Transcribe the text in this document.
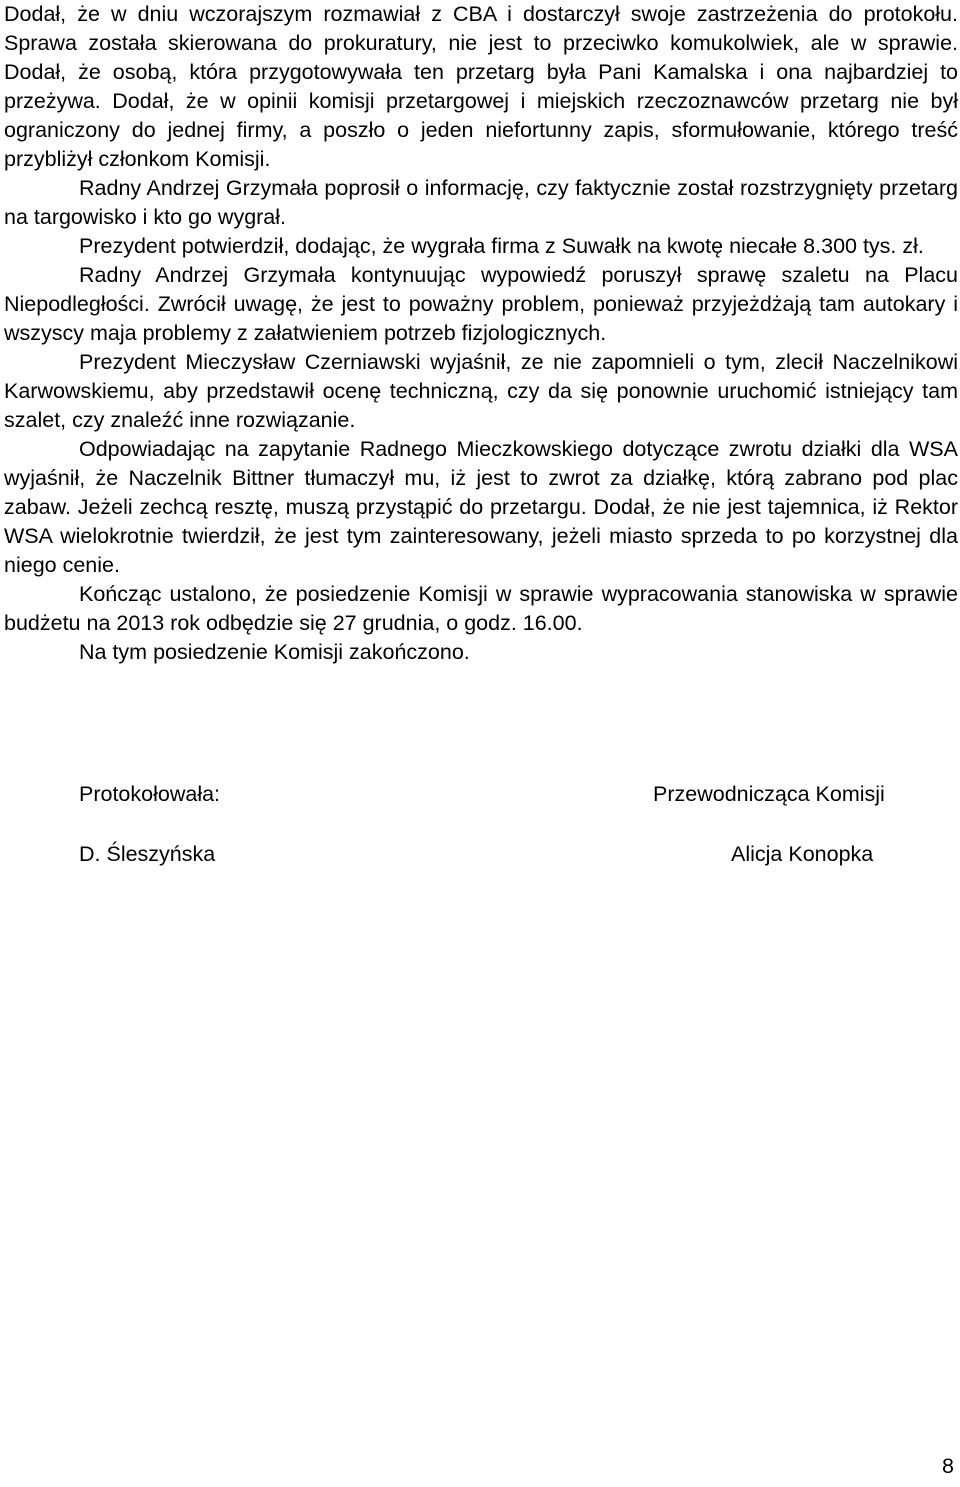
Dodał, że w dniu wczorajszym rozmawiał z CBA i dostarczył swoje zastrzeżenia do protokołu. Sprawa została skierowana do prokuratury, nie jest to przeciwko komukolwiek, ale w sprawie. Dodał, że osobą, która przygotowywała ten przetarg była Pani Kamalska i ona najbardziej to przeżywa. Dodał, że w opinii komisji przetargowej i miejskich rzeczoznawców przetarg nie był ograniczony do jednej firmy, a poszło o jeden niefortunny zapis, sformułowanie, którego treść przybliżył członkom Komisji.

Radny Andrzej Grzymała poprosił o informację, czy faktycznie został rozstrzygnięty przetarg na targowisko i kto go wygrał.

Prezydent potwierdził, dodając, że wygrała firma z Suwałk na kwotę niecałe 8.300 tys. zł.

Radny Andrzej Grzymała kontynuując wypowiedź poruszył sprawę szaletu na Placu Niepodległości. Zwrócił uwagę, że jest to poważny problem, ponieważ przyjeżdżają tam autokary i wszyscy maja problemy z załatwieniem potrzeb fizjologicznych.

Prezydent Mieczysław Czerniawski wyjaśnił, ze nie zapomnieli o tym, zlecił Naczelnikowi Karwowskiemu, aby przedstawił ocenę techniczną, czy da się ponownie uruchomić istniejący tam szalet, czy znaleźć inne rozwiązanie.

Odpowiadając na zapytanie Radnego Mieczkowskiego dotyczące zwrotu działki dla WSA wyjaśnił, że Naczelnik Bittner tłumaczył mu, iż jest to zwrot za działkę, którą zabrano pod plac zabaw. Jeżeli zechcą resztę, muszą przystąpić do przetargu. Dodał, że nie jest tajemnica, iż Rektor WSA wielokrotnie twierdził, że jest tym zainteresowany, jeżeli miasto sprzeda to po korzystnej dla niego cenie.

Kończąc ustalono, że posiedzenie Komisji w sprawie wypracowania stanowiska w sprawie budżetu na 2013 rok odbędzie się 27 grudnia, o godz. 16.00.

Na tym posiedzenie Komisji zakończono.

Protokołowała:	Przewodnicząca Komisji
D. Śleszyńska	Alicja Konopka
8
